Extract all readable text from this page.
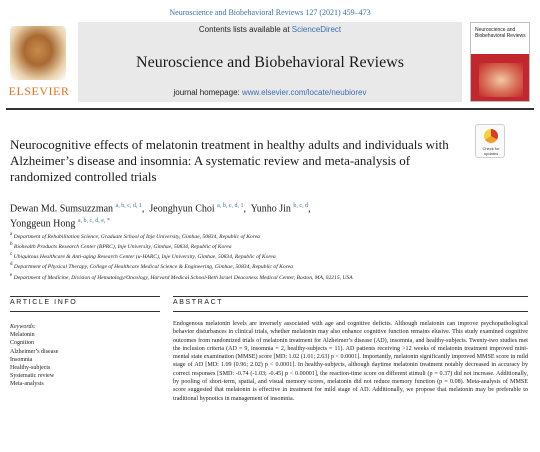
Neuroscience and Biobehavioral Reviews 127 (2021) 459–473
ELSEVIER
Contents lists available at ScienceDirect
Neuroscience and Biobehavioral Reviews
journal homepage: www.elsevier.com/locate/neubiorev
Neuroscience and Biobehavioral Reviews
Check for updates
Neurocognitive effects of melatonin treatment in healthy adults and individuals with Alzheimer’s disease and insomnia: A systematic review and meta-analysis of randomized controlled trials
Dewan Md. Sumsuzzman $^{a, b, c, d, 1}$,  Jeonghyun Choi $^{a, b, c, d, 1}$,  Yunho Jin $^{b, c, d}$,
Yonggeun Hong $^{a, b, c, d, e, *}$
a Department of Rehabilitation Science, Graduate School of Inje University, Gimhae, 50834, Republic of Korea
b Biohealth Products Research Center (BPRC), Inje University, Gimhae, 50834, Republic of Korea
c Ubiquitous Healthcare & Anti-aging Research Center (u-HARC), Inje University, Gimhae, 50834, Republic of Korea
d Department of Physical Therapy, College of Healthcare Medical Science & Engineering, Gimhae, 50834, Republic of Korea
e Department of Medicine, Division of Hematology/Oncology, Harvard Medical School-Beth Israel Deaconess Medical Center, Boston, MA, 02215, USA
ARTICLE INFO	ABSTRACT
Keywords:
Melatonin
Cognition
Alzheimer’s disease
Insomnia
Healthy-subjects
Systematic review
Meta-analysis
Endogenous melatonin levels are inversely associated with age and cognitive deficits. Although melatonin can improve psychopathological behavior disturbances in clinical trials, whether melatonin may also enhance cognitive function remains elusive. This study examined cognitive outcomes from randomized trials of melatonin treatment for Alzheimer’s disease (AD), insomnia, and healthy-subjects. Twenty-two studies met the inclusion criteria (AD = 9, insomnia = 2, healthy-subjects = 11). AD patients receiving >12 weeks of melatonin treatment improved mini-mental state examination (MMSE) score [MD: 1.02 (1.01; 2.63) p < 0.0001]. Importantly, melatonin significantly improved MMSE score in mild stage of AD [MD: 1.09 (0.96; 2.02) p < 0.0001]. In healthy-subjects, although daytime melatonin treatment notably decreased in accuracy by correct responses [SMD: -0.74 (-1.03; -0.45) p < 0.00001], the reaction-time score on different stimuli (p = 0.37) did not increase. Additionally, by pooling of short-term, spatial, and visual memory scores, melatonin did not reduce memory function (p = 0.08). Meta-analysis of MMSE score suggested that melatonin is effective in treatment for mild stage of AD. Additionally, we propose that melatonin may be preferable to traditional hypnotics in management of insomnia.
